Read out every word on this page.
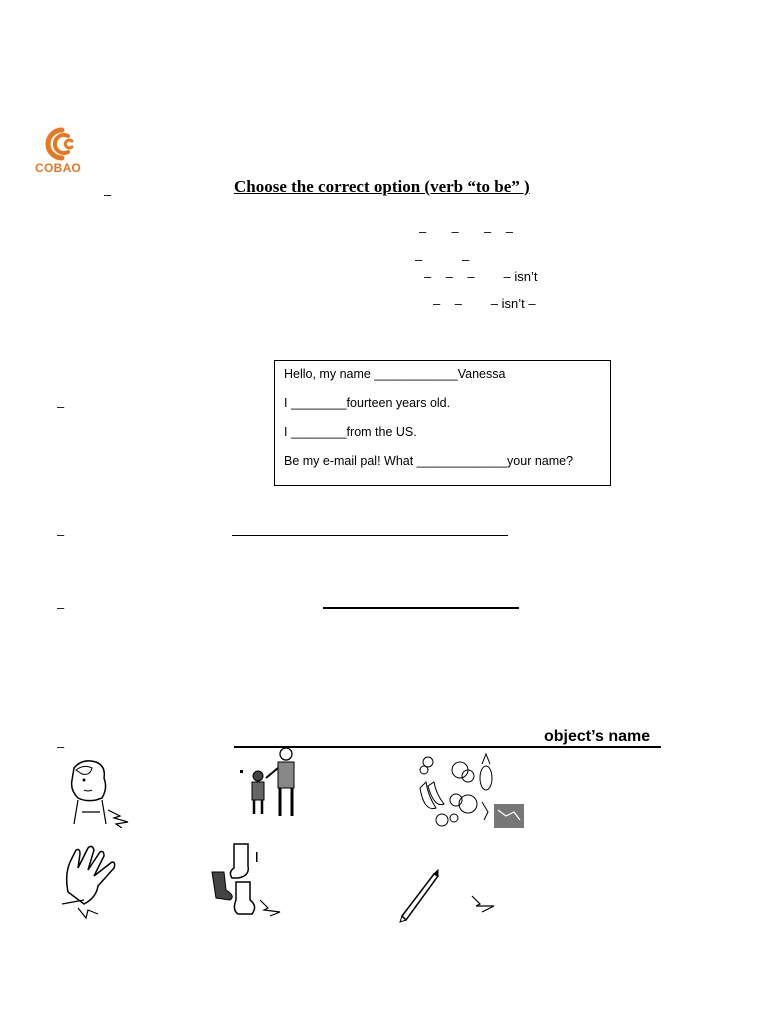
COBAO
–	Choose the correct option (verb “to be” )
–       –       –    –
–           –
–    –    –        – isn’t
–    –        – isn’t –

Hello, my name ____________Vanessa

I ________fourteen years old.

I ________from the US.

Be my e-mail pal! What _____________your name?

–
–
–
–
object’s name
